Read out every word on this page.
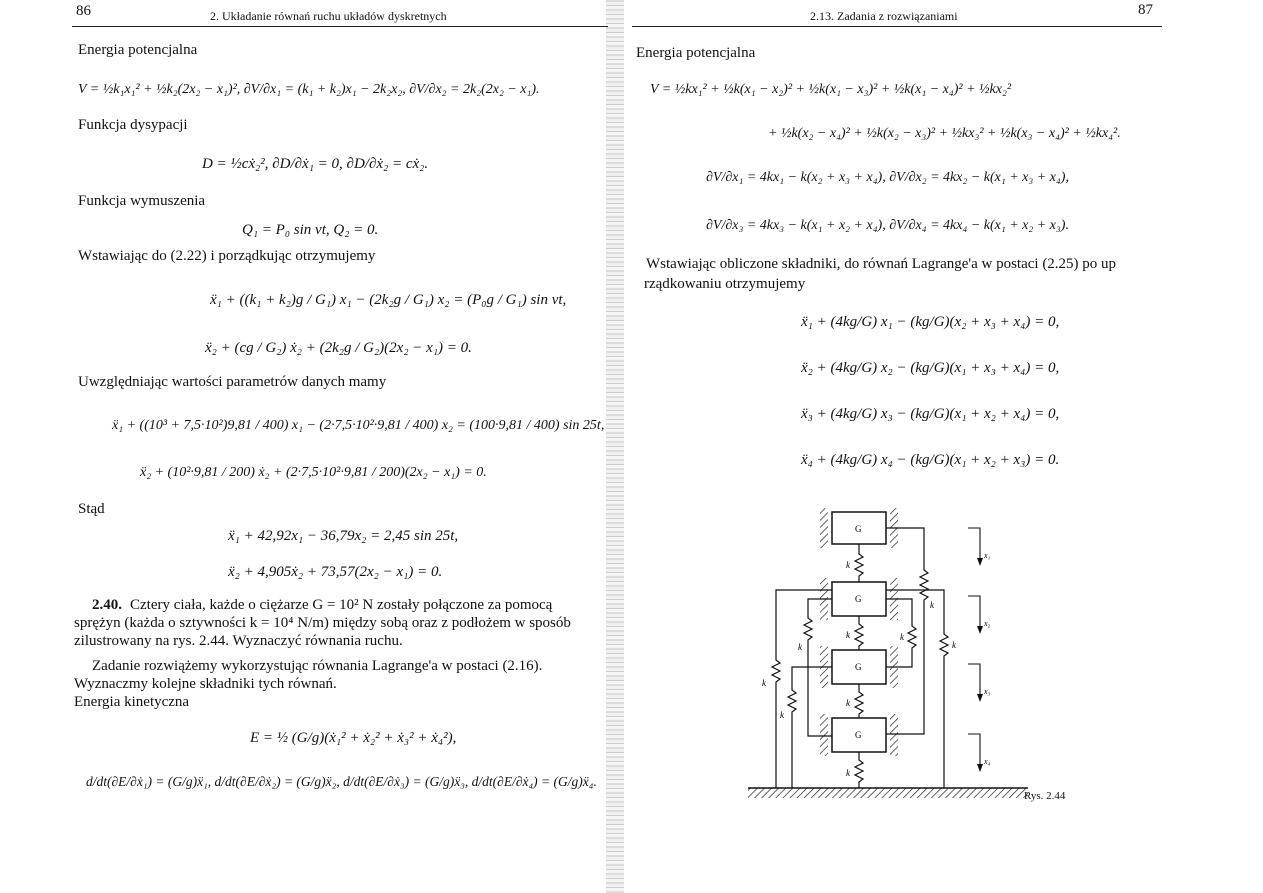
86	2. Układanie równań ruchu układów dyskretnych
Energia potencjalna
V = ½k₁x₁² + ½k₂(2x₂ − x₁)², ∂V/∂x₁ = (k₁ + k₂)x₁ − 2k₂x₂, ∂V/∂x₂ = 2k₂(2x₂ − x₁).
Funkcja dysypacji
D = ½cẋ₂², ∂D/∂ẋ₁ = 0, ∂D/∂ẋ₂ = cẋ₂.
Funkcja wymuszenia
Q₁ = P₀ sin νt, Q₂ = 0.
Wstawiając do (2.22) i porządkując otrzymujemy
ẍ₁ + ((k₁ + k₂)g / G₁) x₁ − (2k₂g / G₁) x₂ = (P₀g / G₁) sin νt,
ẍ₂ + (cg / G₂) ẋ₂ + (2k₂g / G₂)(2x₂ − x₁) = 0.
Uwzględniając wartości parametrów danych mamy
ẍ₁ + ((10³ + 7,5·10²)9,81 / 400) x₁ − (2·7,5·10²·9,81 / 400) x₂ = (100·9,81 / 400) sin 25t,
ẍ₂ + (10²·9,81 / 200) ẋ₂ + (2·7,5·10²·9,81 / 200)(2x₂ − x₁) = 0.
Stąd
ẍ₁ + 42,92x₁ − 36,79x₂ = 2,45 sin 25t,
ẍ₂ + 4,905ẋ₂ + 73,57(2x₂ − x₁) = 0.
2.40. Cztery ciała, każde o ciężarze G = 10² N zostały połączone za pomocą
sprężyn (każda o sztywności k = 10⁴ N/m) między sobą oraz z podłożem w sposób
zilustrowany na rys. 2.44. Wyznaczyć równania ruchu.
Zadanie rozwiążemy wykorzystując równania Lagrange'a w postaci (2.16).
Wyznaczmy kolejne składniki tych równań.
Energia kinetyczna
E = ½ (G/g)(ẋ₁² + ẋ₂² + ẋ₃² + ẋ₄²),
d/dt(∂E/∂ẋ₁) = (G/g)ẍ₁, d/dt(∂E/∂ẋ₂) = (G/g)ẍ₂, d/dt(∂E/∂ẋ₃) = (G/g)ẍ₃, d/dt(∂E/∂ẋ₄) = (G/g)ẍ₄.
2.13. Zadania z rozwiązaniami	87
Energia potencjalna
V = ½kx₁² + ½k(x₁ − x₂)² + ½k(x₁ − x₃)² + ½k(x₁ − x₄)² + ½kx₂²
+ ½k(x₂ − x₄)² + ½k(x₂ − x₃)² + ½kx₃² + ½k(x₃ − x₄)² + ½kx₄².
∂V/∂x₁ = 4kx₁ − k(x₂ + x₃ + x₄), ∂V/∂x₂ = 4kx₂ − k(x₁ + x₃ + x₄),
∂V/∂x₃ = 4kx₃ − k(x₁ + x₂ + x₄), ∂V/∂x₄ = 4kx₄ − k(x₁ + x₂ + x₃).
Wstawiając obliczone składniki, do równań Lagrange'a w postaci (2.25) po up
rządkowaniu otrzymujemy
ẍ₁ + (4kg/G) x₁ − (kg/G)(x₂ + x₃ + x₄) = 0,
ẍ₂ + (4kg/G) x₂ − (kg/G)(x₁ + x₃ + x₄) = 0,
ẍ₃ + (4kg/G) x₃ − (kg/G)(x₁ + x₂ + x₄) = 0,
ẍ₄ + (4kg/G) x₄ − (kg/G)(x₁ + x₂ + x₃) = 0.
G
G
G
G
k
k
k
k
k
k
k
k
k
k
x₁
x₂
x₃
x₄
Rys. 2.44
